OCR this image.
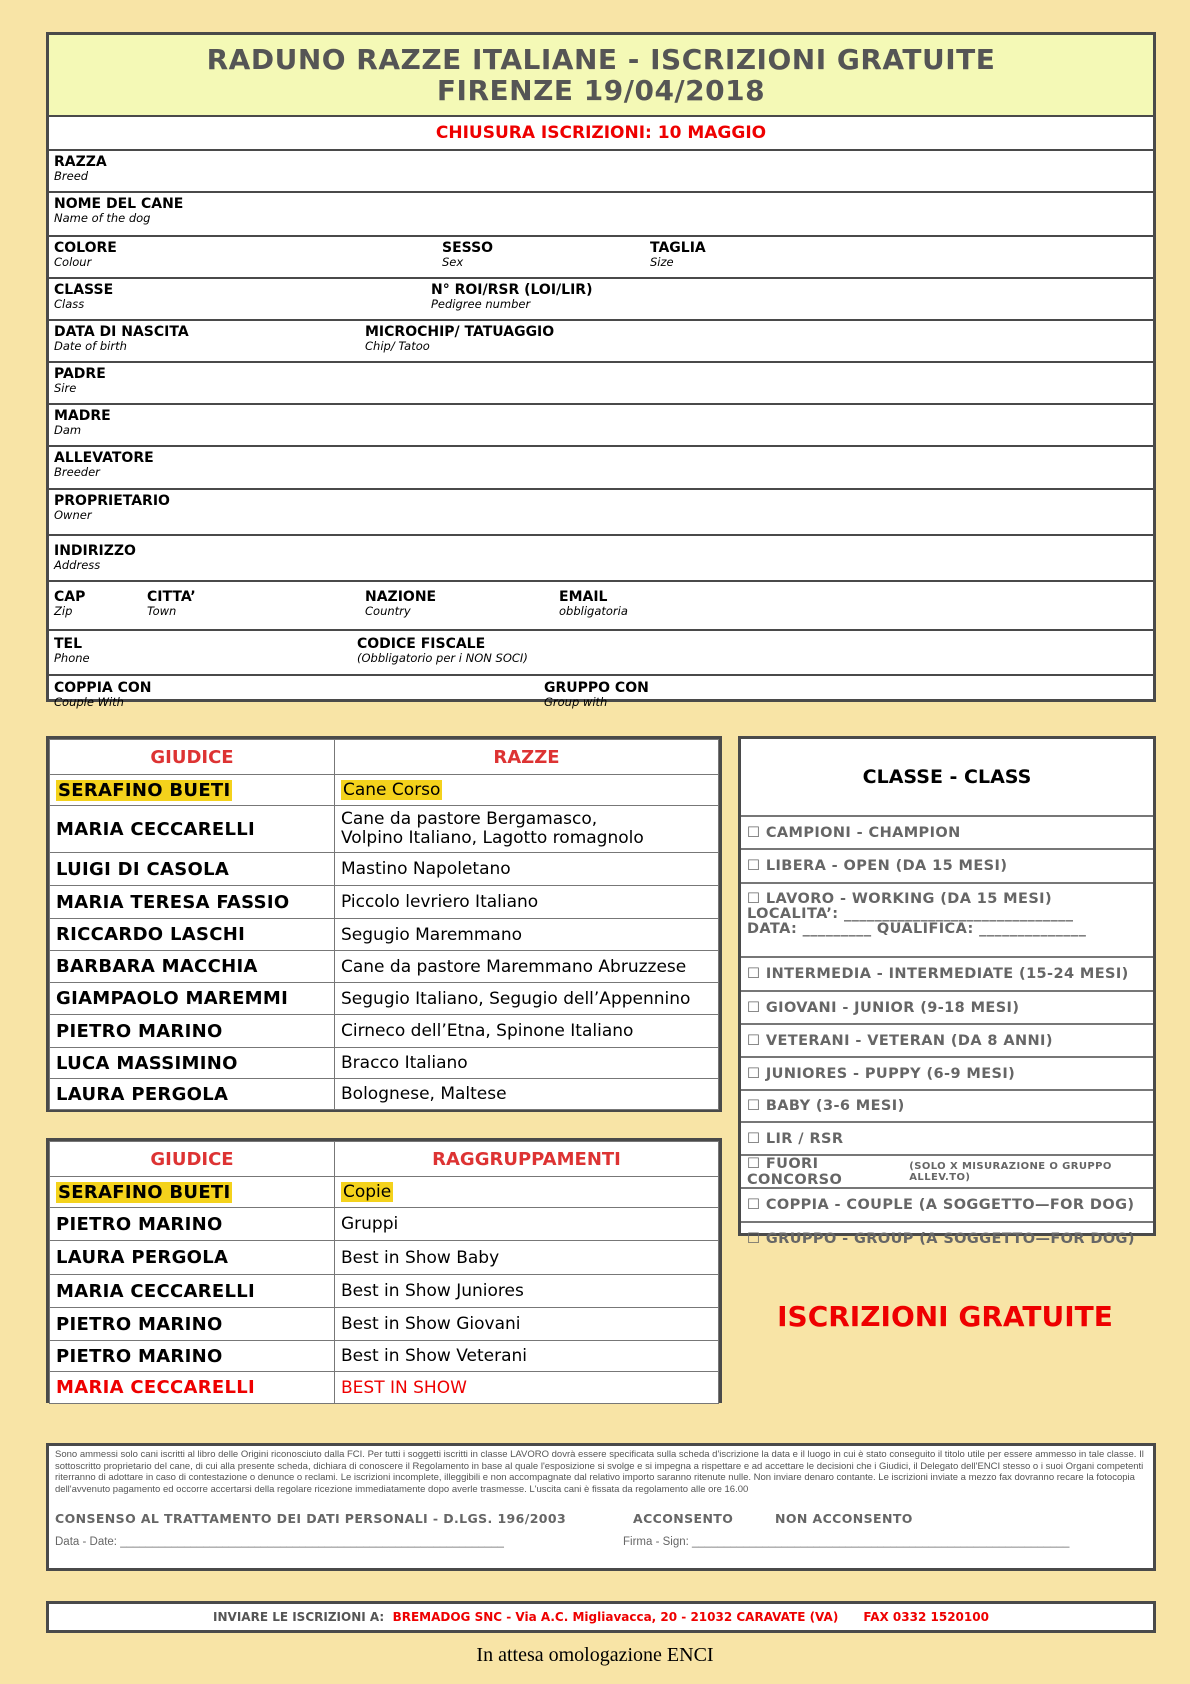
RADUNO RAZZE ITALIANE - ISCRIZIONI GRATUITE
FIRENZE 19/04/2018
CHIUSURA ISCRIZIONI: 10 MAGGIO
RAZZA
Breed
NOME DEL CANE
Name of the dog
COLORE
Colour
SESSO
Sex
TAGLIA
Size
CLASSE
Class
N° ROI/RSR (LOI/LIR)
Pedigree number
DATA DI NASCITA
Date of birth
MICROCHIP/ TATUAGGIO
Chip/ Tatoo
PADRE
Sire
MADRE
Dam
ALLEVATORE
Breeder
PROPRIETARIO
Owner
INDIRIZZO
Address
CAP
Zip
CITTA’
Town
NAZIONE
Country
EMAIL
obbligatoria
TEL
Phone
CODICE FISCALE
(Obbligatorio per i NON SOCI)
COPPIA CON
Couple With
GRUPPO CON
Group with
GIUDICE	RAZZE
SERAFINO BUETI	Cane Corso
MARIA CECCARELLI	Cane da pastore Bergamasco,
Volpino Italiano, Lagotto romagnolo

LUIGI DI CASOLA	Mastino Napoletano
MARIA TERESA FASSIO	Piccolo levriero Italiano
RICCARDO LASCHI	Segugio Maremmano
BARBARA MACCHIA	Cane da pastore Maremmano Abruzzese
GIAMPAOLO MAREMMI	Segugio Italiano, Segugio dell’Appennino
PIETRO MARINO	Cirneco dell’Etna, Spinone Italiano
LUCA MASSIMINO	Bracco Italiano
LAURA PERGOLA	Bolognese, Maltese
GIUDICE	RAGGRUPPAMENTI
SERAFINO BUETI	Copie
PIETRO MARINO	Gruppi
LAURA PERGOLA	Best in Show Baby
MARIA CECCARELLI	Best in Show Juniores
PIETRO MARINO	Best in Show Giovani
PIETRO MARINO	Best in Show Veterani
MARIA CECCARELLI	BEST IN SHOW
CLASSE - CLASS
☐ CAMPIONI - CHAMPION
☐ LIBERA - OPEN (DA 15 MESI)
☐ LAVORO - WORKING (DA 15 MESI)
LOCALITA’: ______________________________
DATA: _________ QUALIFICA: ______________
☐ INTERMEDIA - INTERMEDIATE (15-24 MESI)
☐ GIOVANI - JUNIOR (9-18 MESI)
☐ VETERANI - VETERAN (DA 8 ANNI)
☐ JUNIORES - PUPPY (6-9 MESI)
☐ BABY (3-6 MESI)
☐ LIR / RSR
☐ FUORI CONCORSO

(SOLO X MISURAZIONE O GRUPPO ALLEV.TO)
☐ COPPIA - COUPLE (A SOGGETTO—FOR DOG)
☐ GRUPPO - GROUP (A SOGGETTO—FOR DOG)
ISCRIZIONI GRATUITE
Sono ammessi solo cani iscritti al libro delle Origini riconosciuto dalla FCI. Per tutti i soggetti iscritti in classe LAVORO dovrà essere specificata sulla scheda d'iscrizione la data e il luogo in cui è stato conseguito il titolo utile per essere ammesso in tale classe. Il sottoscritto proprietario del cane, di cui alla presente scheda, dichiara di conoscere il Regolamento in base al quale l'esposizione si svolge e si impegna a rispettare e ad accettare le decisioni che i Giudici, il Delegato dell'ENCI stesso o i suoi Organi competenti riterranno di adottare in caso di contestazione o denunce o reclami. Le iscrizioni incomplete, illeggibili e non accompagnate dal relativo importo saranno ritenute nulle. Non inviare denaro contante. Le iscrizioni inviate a mezzo fax dovranno recare la fotocopia dell'avvenuto pagamento ed occorre accertarsi della regolare ricezione immediatamente dopo averle trasmesse. L'uscita cani è fissata da regolamento alle ore 16.00
CONSENSO AL TRATTAMENTO DEI DATI PERSONALI - D.LGS. 196/2003	ACCONSENTO	NON ACCONSENTO
Data - Date: ____________________________________________________________	Firma - Sign: ___________________________________________________________
INVIARE LE ISCRIZIONI A: BREMADOG SNC - Via A.C. Migliavacca, 20 - 21032 CARAVATE (VA) FAX 0332 1520100
In attesa omologazione ENCI
